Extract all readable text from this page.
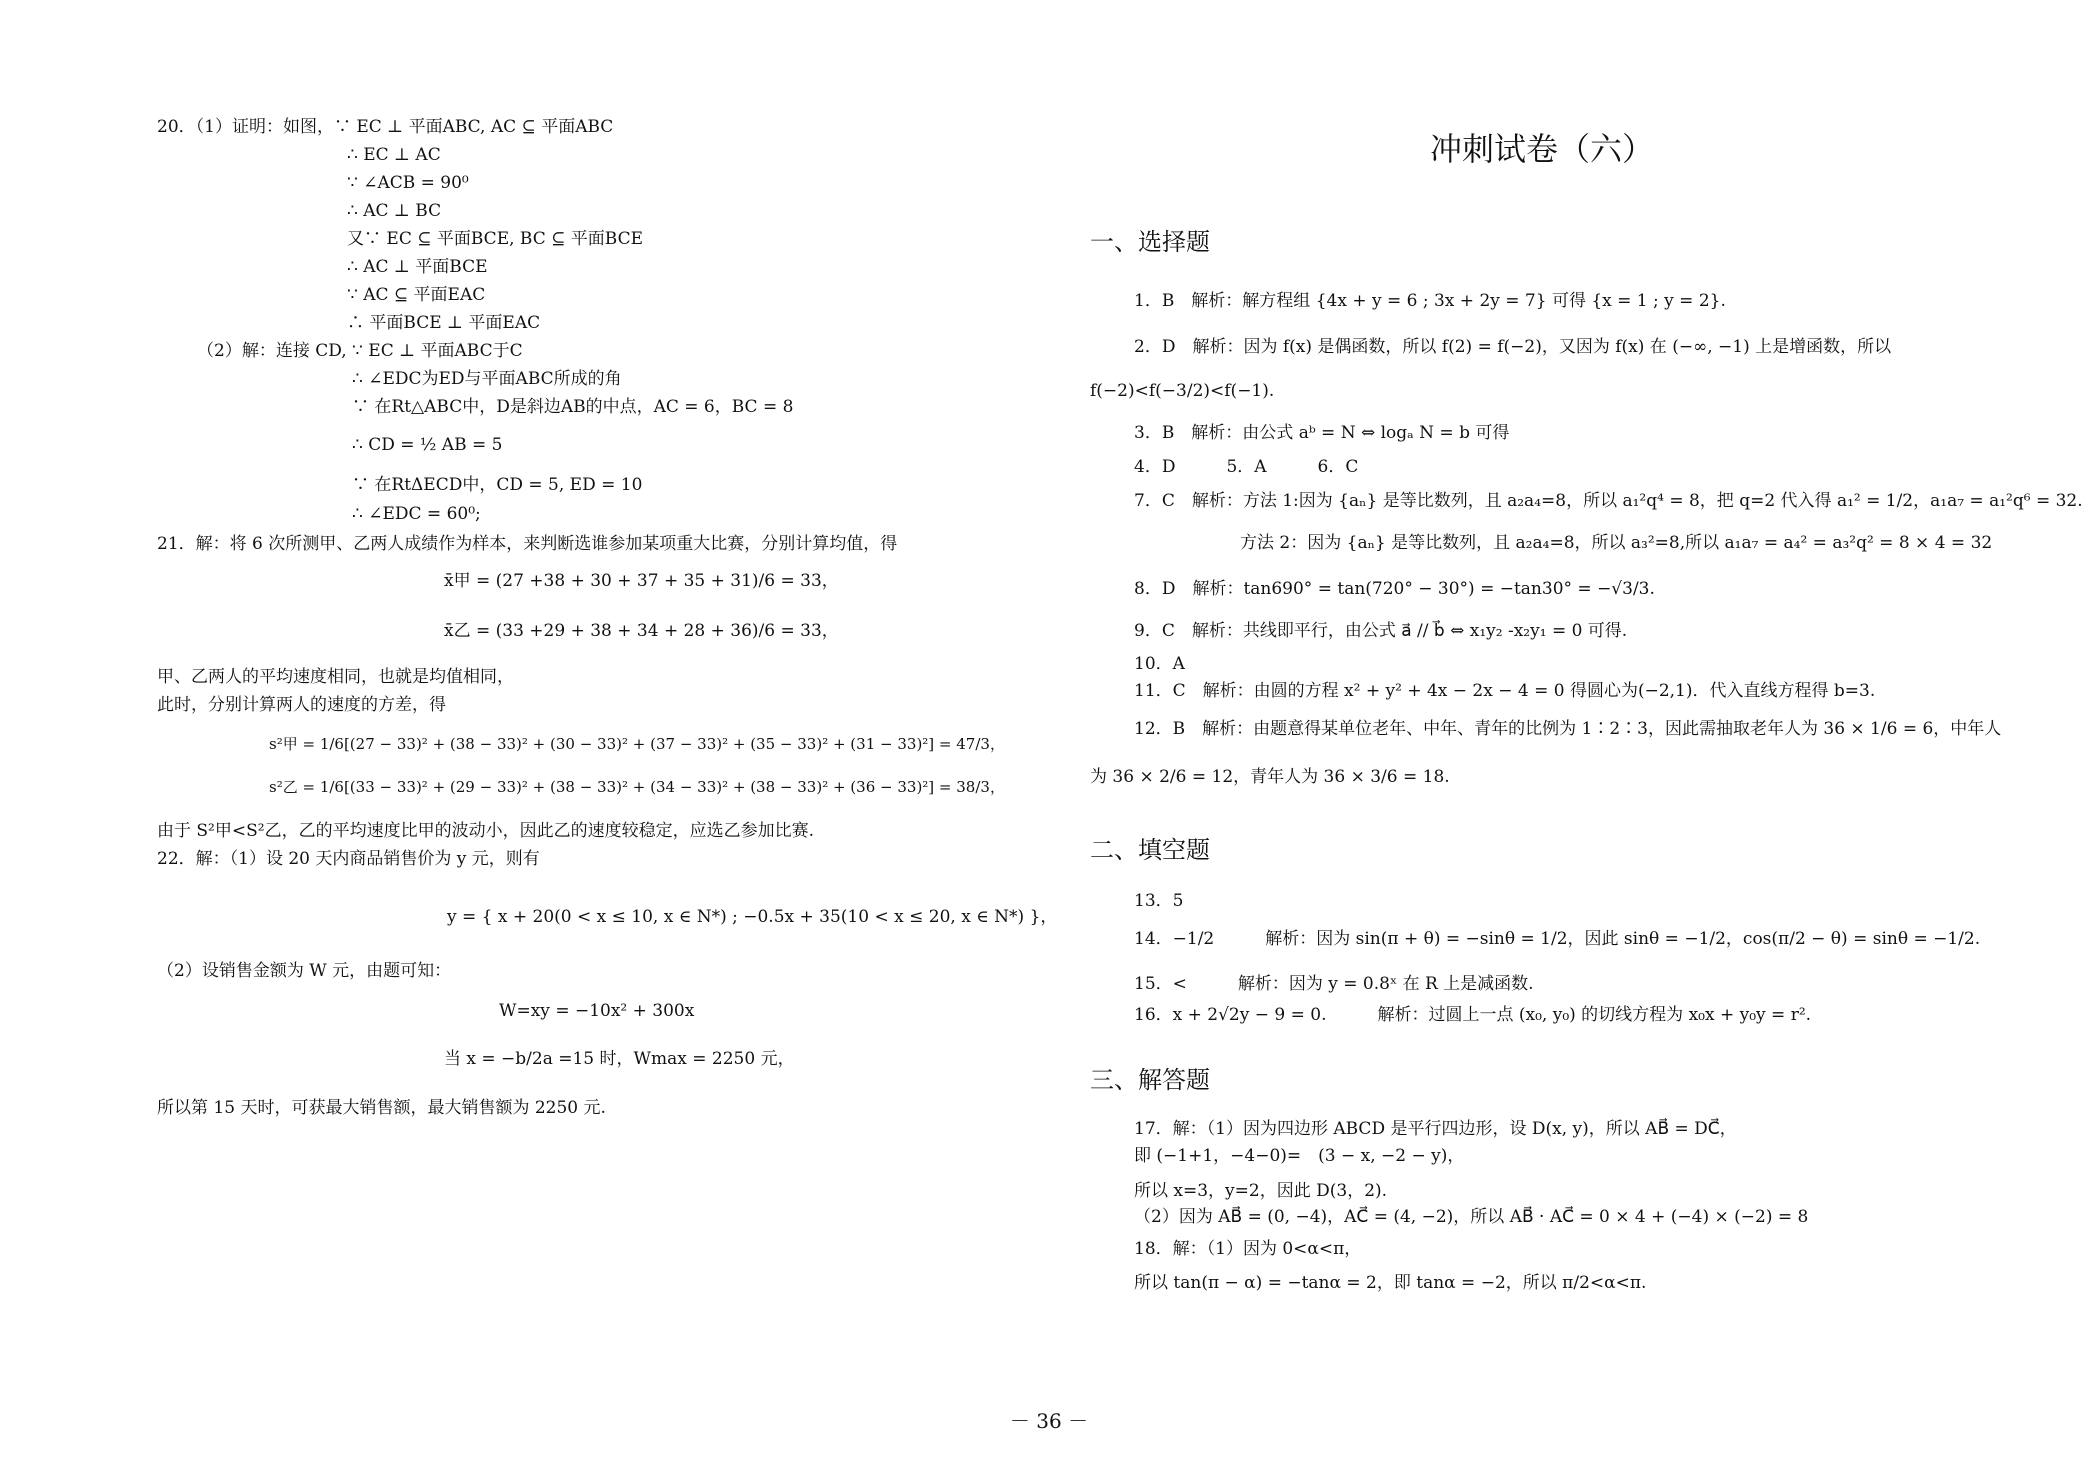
20．（1）证明：如图，∵ EC ⊥ 平面ABC, AC ⊆ 平面ABC
∴ EC ⊥ AC
∵ ∠ACB = 90⁰
∴ AC ⊥ BC
又∵ EC ⊆ 平面BCE, BC ⊆ 平面BCE
∴ AC ⊥ 平面BCE
∵ AC ⊆ 平面EAC
∴ 平面BCE ⊥ 平面EAC
（2）解：连接 CD, ∵ EC ⊥ 平面ABC于C
∴ ∠EDC为ED与平面ABC所成的角
∵ 在Rt△ABC中，D是斜边AB的中点，AC = 6，BC = 8
∴ CD = ½ AB = 5
∵ 在RtΔECD中，CD = 5, ED = 10
∴ ∠EDC = 60⁰;
21．解：将 6 次所测甲、乙两人成绩作为样本，来判断选谁参加某项重大比赛，分别计算均值，得
x̄甲 = (27 +38 + 30 + 37 + 35 + 31)/6 = 33，
x̄乙 = (33 +29 + 38 + 34 + 28 + 36)/6 = 33，
甲、乙两人的平均速度相同，也就是均值相同，
此时，分别计算两人的速度的方差，得
s²甲 = 1/6[(27 − 33)² + (38 − 33)² + (30 − 33)² + (37 − 33)² + (35 − 33)² + (31 − 33)²] = 47/3，
s²乙 = 1/6[(33 − 33)² + (29 − 33)² + (38 − 33)² + (34 − 33)² + (38 − 33)² + (36 − 33)²] = 38/3，
由于 S²甲<S²乙，乙的平均速度比甲的波动小，因此乙的速度较稳定，应选乙参加比赛.
22．解：（1）设 20 天内商品销售价为 y 元，则有
y = { x + 20(0 < x ≤ 10, x ∈ N*) ; −0.5x + 35(10 < x ≤ 20, x ∈ N*) }，
（2）设销售金额为 W 元，由题可知：
W=xy = −10x² + 300x
当 x = −b/2a =15 时，Wmax = 2250 元，
所以第 15 天时，可获最大销售额，最大销售额为 2250 元.
冲刺试卷（六）
一、选择题
1．B　解析：解方程组 {4x + y = 6 ; 3x + 2y = 7} 可得 {x = 1 ; y = 2}.
2．D　解析：因为 f(x) 是偶函数，所以 f(2) = f(−2)，又因为 f(x) 在 (−∞, −1) 上是增函数，所以
f(−2)<f(−3/2)<f(−1).
3．B　解析：由公式 aᵇ = N ⇔ logₐ N = b 可得
4．D　　　5．A　　　6．C
7．C　解析：方法 1:因为 {aₙ} 是等比数列，且 a₂a₄=8，所以 a₁²q⁴ = 8，把 q=2 代入得 a₁² = 1/2，a₁a₇ = a₁²q⁶ = 32.
方法 2：因为 {aₙ} 是等比数列，且 a₂a₄=8，所以 a₃²=8,所以 a₁a₇ = a₄² = a₃²q² = 8 × 4 = 32
8．D　解析：tan690° = tan(720° − 30°) = −tan30° = −√3/3.
9．C　解析：共线即平行，由公式 a⃗ // b⃗ ⇔ x₁y₂ -x₂y₁ = 0 可得.
10．A
11．C　解析：由圆的方程 x² + y² + 4x − 2x − 4 = 0 得圆心为(−2,1)．代入直线方程得 b=3.
12．B　解析：由题意得某单位老年、中年、青年的比例为 1∶2∶3，因此需抽取老年人为 36 × 1/6 = 6，中年人
为 36 × 2/6 = 12，青年人为 36 × 3/6 = 18.
二、填空题
13．5
14．−1/2　　　解析：因为 sin(π + θ) = −sinθ = 1/2，因此 sinθ = −1/2，cos(π/2 − θ) = sinθ = −1/2.
15．<　　　解析：因为 y = 0.8ˣ 在 R 上是减函数.
16．x + 2√2y − 9 = 0.　　　解析：过圆上一点 (x₀, y₀) 的切线方程为 x₀x + y₀y = r².
三、解答题
17．解：（1）因为四边形 ABCD 是平行四边形，设 D(x, y)，所以 AB⃗ = DC⃗，
即 (−1+1，−4−0)=　(3 − x, −2 − y)，
所以 x=3，y=2，因此 D(3，2).
（2）因为 AB⃗ = (0, −4)，AC⃗ = (4, −2)，所以 AB⃗ · AC⃗ = 0 × 4 + (−4) × (−2) = 8
18．解：（1）因为 0<α<π，
所以 tan(π − α) = −tanα = 2，即 tanα = −2，所以 π/2<α<π.
－ 36 －
